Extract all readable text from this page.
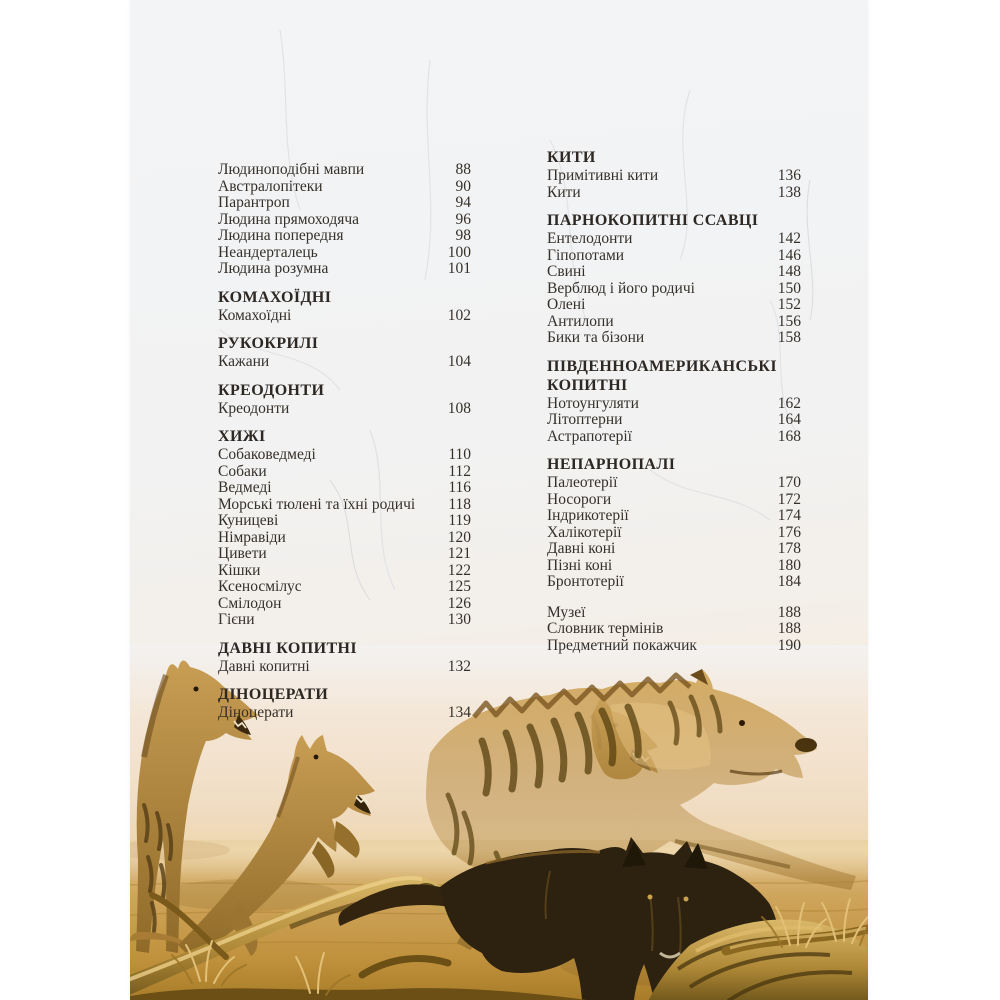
Людиноподібні мавпи	88
Австралопітеки	90
Парантроп	94
Людина прямоходяча	96
Людина попередня	98
Неандерталець	100
Людина розумна	101
КОМАХОЇДНІ
Комахоїдні	102
РУКОКРИЛІ
Кажани	104
КРЕОДОНТИ
Креодонти	108
ХИЖІ
Собаковедмеді	110
Собаки	112
Ведмеді	116
Морські тюлені та їхні родичі 118
Куницеві	119
Німравіди	120
Цивети	121
Кішки	122
Ксеносмілус	125
Смілодон	126
Гієни	130
ДАВНІ КОПИТНІ
Давні копитні	132
ДІНОЦЕРАТИ
Діноцерати	134
КИТИ
Примітивні кити	136
Кити	138
ПАРНОКОПИТНІ ССАВЦІ
Ентелодонти	142
Гіпопотами	146
Свині	148
Верблюд і його родичі	150
Олені	152
Антилопи	156
Бики та бізони	158
ПІВДЕННОАМЕРИКАНСЬКІ КОПИТНІ
Нотоунгуляти	162
Літоптерни	164
Астрапотерії	168
НЕПАРНОПАЛІ
Палеотерії	170
Носороги	172
Індрикотерії	174
Халікотерії	176
Давні коні	178
Пізні коні	180
Бронтотерії	184
Музеї	188
Словник термінів	188
Предметний покажчик	190
